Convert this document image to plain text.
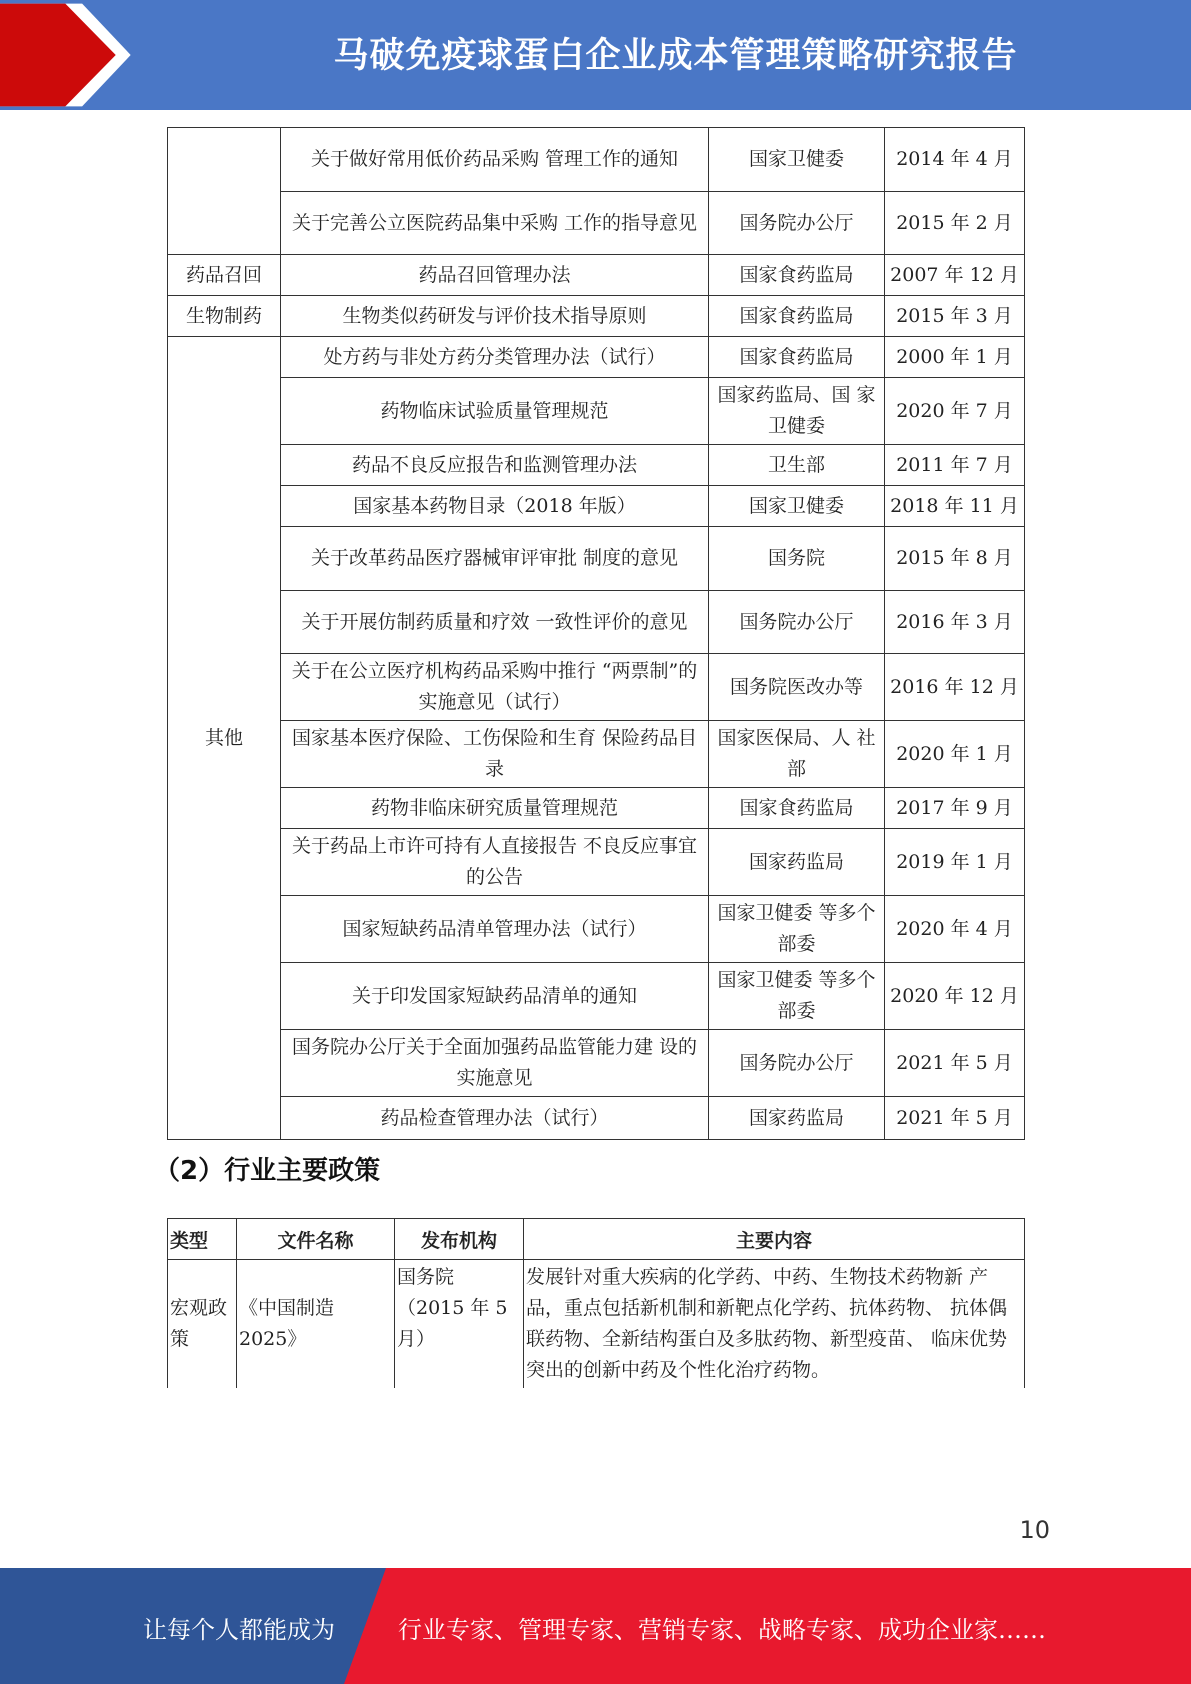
马破免疫球蛋白企业成本管理策略研究报告
	关于做好常用低价药品采购 管理工作的通知	国家卫健委	2014 年 4 月
	关于完善公立医院药品集中采购 工作的指导意见	国务院办公厅	2015 年 2 月
药品召回	药品召回管理办法	国家食药监局	2007 年 12 月
生物制药	生物类似药研发与评价技术指导原则	国家食药监局	2015 年 3 月
其他	处方药与非处方药分类管理办法（试行）	国家食药监局	2000 年 1 月
	药物临床试验质量管理规范	国家药监局、国 家卫健委	2020 年 7 月
	药品不良反应报告和监测管理办法	卫生部	2011 年 7 月
	国家基本药物目录（2018 年版）	国家卫健委	2018 年 11 月
	关于改革药品医疗器械审评审批 制度的意见	国务院	2015 年 8 月
	关于开展仿制药质量和疗效 一致性评价的意见	国务院办公厅	2016 年 3 月
	关于在公立医疗机构药品采购中推行 “两票制”的实施意见（试行）	国务院医改办等	2016 年 12 月
	国家基本医疗保险、工伤保险和生育 保险药品目录	国家医保局、人 社部	2020 年 1 月
	药物非临床研究质量管理规范	国家食药监局	2017 年 9 月
	关于药品上市许可持有人直接报告 不良反应事宜的公告	国家药监局	2019 年 1 月
	国家短缺药品清单管理办法（试行）	国家卫健委 等多个部委	2020 年 4 月
	关于印发国家短缺药品清单的通知	国家卫健委 等多个部委	2020 年 12 月
	国务院办公厅关于全面加强药品监管能力建 设的实施意见	国务院办公厅	2021 年 5 月
	药品检查管理办法（试行）	国家药监局	2021 年 5 月
（2）行业主要政策
类型	文件名称	发布机构	主要内容
宏观政策	《中国制造 2025》	国务院（2015 年 5 月）	发展针对重大疾病的化学药、中药、生物技术药物新 产品，重点包括新机制和新靶点化学药、抗体药物、 抗体偶联药物、全新结构蛋白及多肽药物、新型疫苗、 临床优势突出的创新中药及个性化治疗药物。
10
让每个人都能成为	行业专家、管理专家、营销专家、战略专家、成功企业家……
